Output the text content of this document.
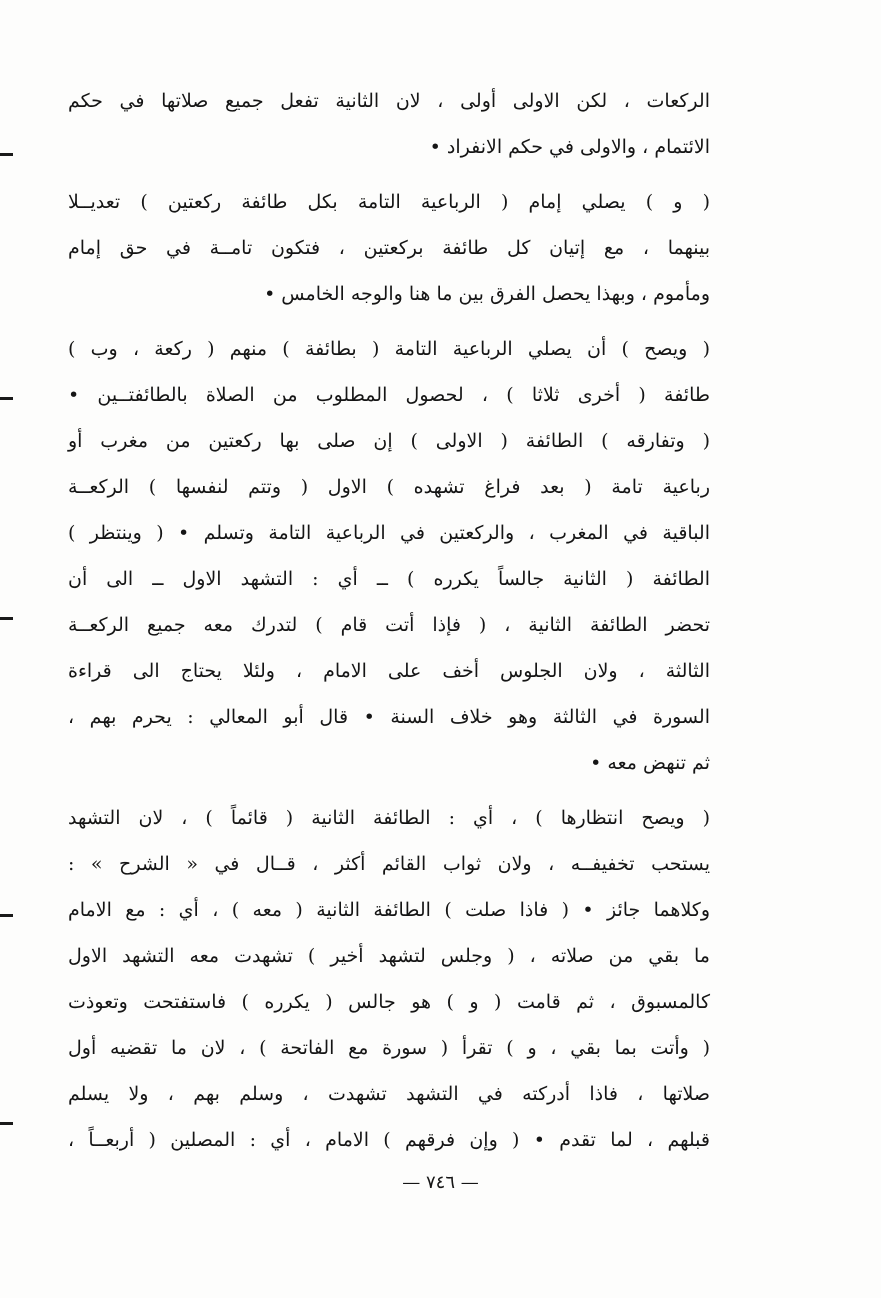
الركعات ، لكن الاولى أولى ، لان الثانية تفعل جميع صلاتها في حكم
الائتمام ، والاولى في حكم الانفراد •
( و ) يصلي إمام ( الرباعية التامة بكل طائفة ركعتين ) تعديــلا
بينهما ، مع إتيان كل طائفة بركعتين ، فتكون تامــة في حق إمام
ومأموم ، وبهذا يحصل الفرق بين ما هنا والوجه الخامس •
( ويصح ) أن يصلي الرباعية التامة ( بطائفة ) منهم ( ركعة ، وب )
طائفة ( أخرى ثلاثا ) ، لحصول المطلوب من الصلاة بالطائفتــين •
( وتفارقه ) الطائفة ( الاولى ) إن صلى بها ركعتين من مغرب أو
رباعية تامة ( بعد فراغ تشهده ) الاول ( وتتم لنفسها ) الركعــة
الباقية في المغرب ، والركعتين في الرباعية التامة وتسلم • ( وينتظر )
الطائفة ( الثانية جالساً يكرره ) ــ أي : التشهد الاول ــ الى أن
تحضر الطائفة الثانية ، ( فإذا أتت قام ) لتدرك معه جميع الركعــة
الثالثة ، ولان الجلوس أخف على الامام ، ولئلا يحتاج الى قراءة
السورة في الثالثة وهو خلاف السنة • قال أبو المعالي : يحرم بهم ،
ثم تنهض معه •
( ويصح انتظارها ) ، أي : الطائفة الثانية ( قائماً ) ، لان التشهد
يستحب تخفيفــه ، ولان ثواب القائم أكثر ، قــال في « الشرح » :
وكلاهما جائز • ( فاذا صلت ) الطائفة الثانية ( معه ) ، أي : مع الامام
ما بقي من صلاته ، ( وجلس لتشهد أخير ) تشهدت معه التشهد الاول
كالمسبوق ، ثم قامت ( و ) هو جالس ( يكرره ) فاستفتحت وتعوذت
( وأتت بما بقي ، و ) تقرأ ( سورة مع الفاتحة ) ، لان ما تقضيه أول
صلاتها ، فاذا أدركته في التشهد تشهدت ، وسلم بهم ، ولا يسلم
قبلهم ، لما تقدم • ( وإن فرقهم ) الامام ، أي : المصلين ( أربعــاً ،
— ٧٤٦ —
